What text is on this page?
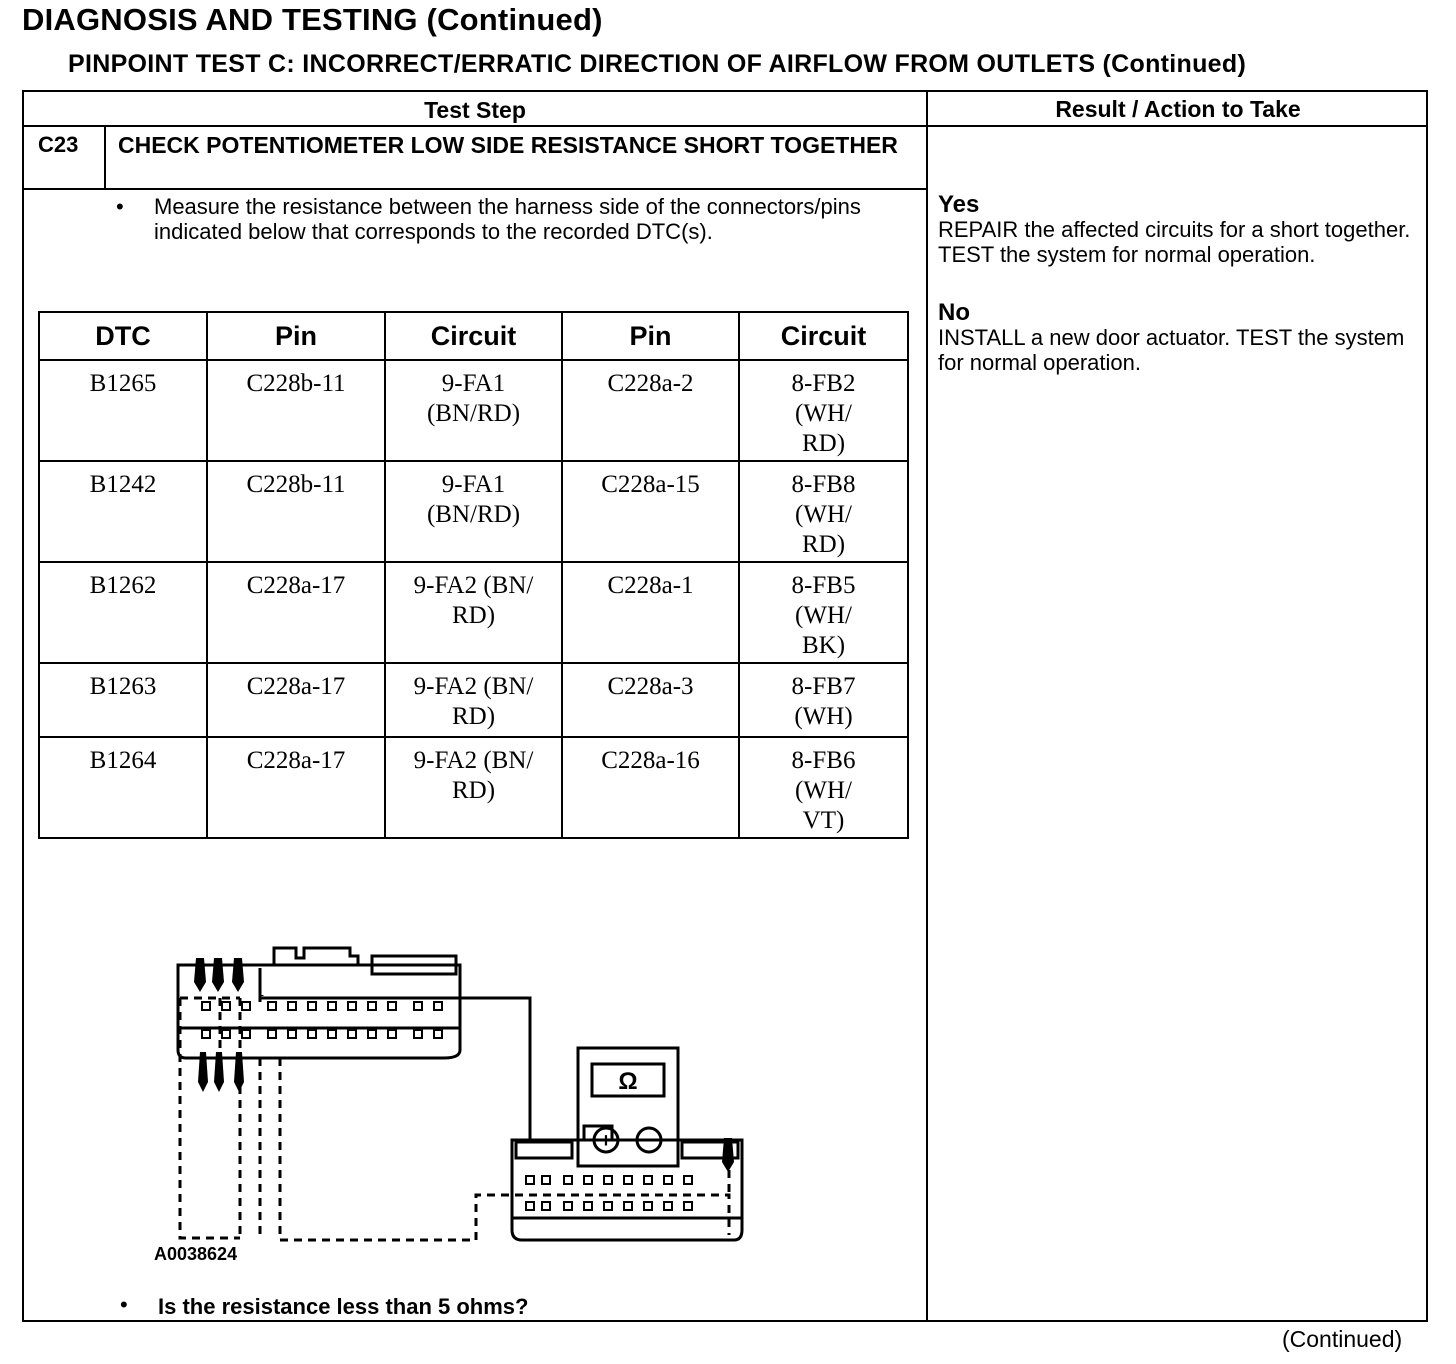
DIAGNOSIS AND TESTING (Continued)
PINPOINT TEST C: INCORRECT/ERRATIC DIRECTION OF AIRFLOW FROM OUTLETS (Continued)
Test Step	Result / Action to Take
C23 CHECK POTENTIOMETER LOW SIDE RESISTANCE SHORT TOGETHER
• Measure the resistance between the harness side of the connectors/pins indicated below that corresponds to the recorded DTC(s).
DTC	Pin	Circuit	Pin	Circuit
B1265	C228b-11	9-FA1 (BN/RD)	C228a-2	8-FB2 (WH/ RD)
B1242	C228b-11	9-FA1 (BN/RD)	C228a-15	8-FB8 (WH/ RD)
B1262	C228a-17	9-FA2 (BN/ RD)	C228a-1	8-FB5 (WH/ BK)
B1263	C228a-17	9-FA2 (BN/ RD)	C228a-3	8-FB7 (WH)
B1264	C228a-17	9-FA2 (BN/ RD)	C228a-16	8-FB6 (WH/ VT)
Ω
+ −
A0038624
• Is the resistance less than 5 ohms?
Yes
REPAIR the affected circuits for a short together. TEST the system for normal operation.
No
INSTALL a new door actuator. TEST the system for normal operation.
(Continued)
